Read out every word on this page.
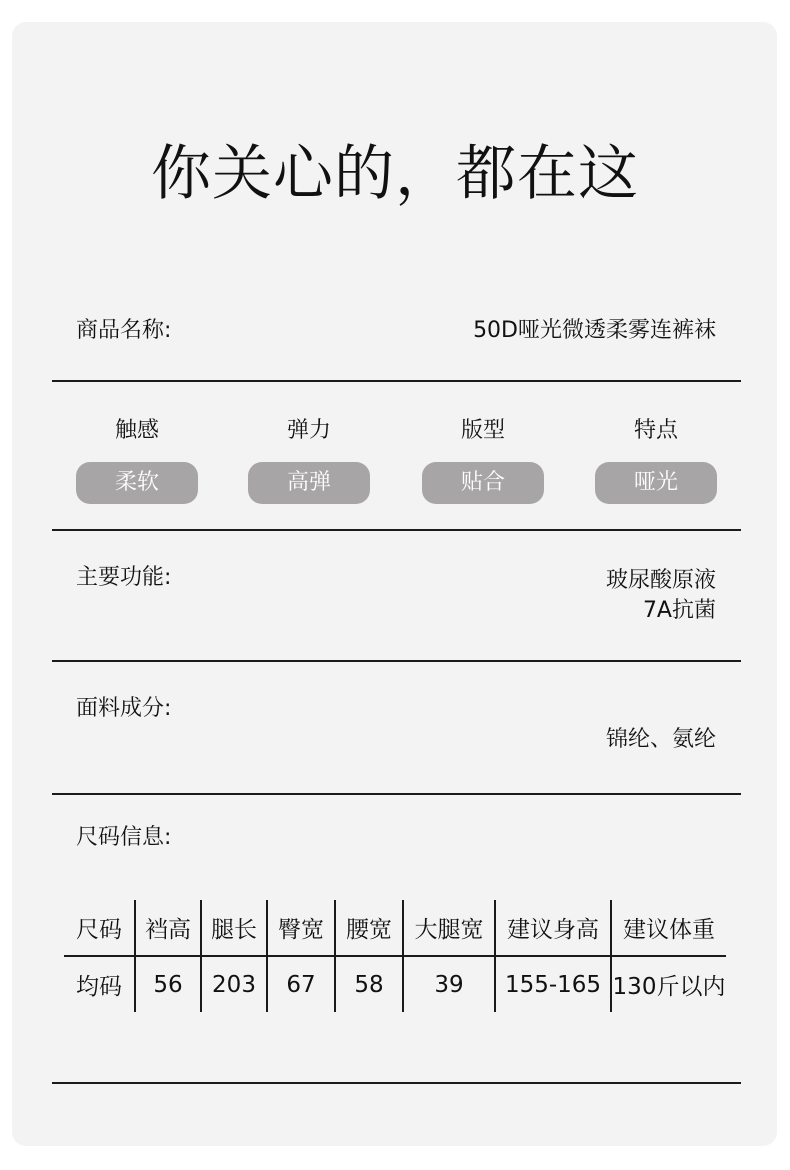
你关心的，都在这
商品名称:	50D哑光微透柔雾连裤袜
触感	弹力	版型	特点
柔软	高弹	贴合	哑光
主要功能:	玻尿酸原液
7A抗菌
面料成分:
锦纶、氨纶
尺码信息:
尺码	裆高	腿长	臀宽	腰宽	大腿宽	建议身高	建议体重
均码	56	203	67	58	39	155-165	130斤以内
